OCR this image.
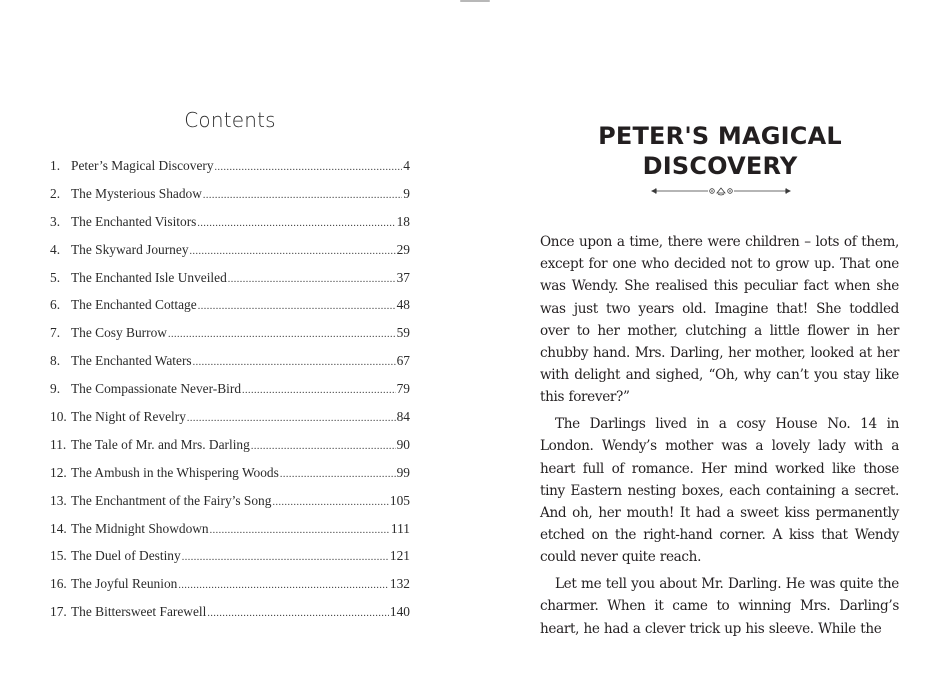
Contents
1. Peter’s Magical Discovery .....	4
2. The Mysterious Shadow .....	9
3. The Enchanted Visitors .....	18
4. The Skyward Journey .....	29
5. The Enchanted Isle Unveiled .....	37
6. The Enchanted Cottage .....	48
7. The Cosy Burrow .....	59
8. The Enchanted Waters .....	67
9. The Compassionate Never-Bird .....	79
10. The Night of Revelry .....	84
11. The Tale of Mr. and Mrs. Darling .....	90
12. The Ambush in the Whispering Woods .....	99
13. The Enchantment of the Fairy’s Song .....	105
14. The Midnight Showdown .....	111
15. The Duel of Destiny .....	121
16. The Joyful Reunion .....	132
17. The Bittersweet Farewell .....	140
PETER'S MAGICAL
DISCOVERY

Once upon a time, there were children – lots of them, except for one who decided not to grow up. That one was Wendy. She realised this peculiar fact when she was just two years old. Imagine that! She toddled over to her mother, clutching a little flower in her chubby hand. Mrs. Darling, her mother, looked at her with delight and sighed, “Oh, why can’t you stay like this forever?”

The Darlings lived in a cosy House No. 14 in London. Wendy’s mother was a lovely lady with a heart full of romance. Her mind worked like those tiny Eastern nesting boxes, each containing a secret. And oh, her mouth! It had a sweet kiss permanently etched on the right-hand corner. A kiss that Wendy could never quite reach.

Let me tell you about Mr. Darling. He was quite the charmer. When it came to winning Mrs. Darling’s heart, he had a clever trick up his sleeve. While the
